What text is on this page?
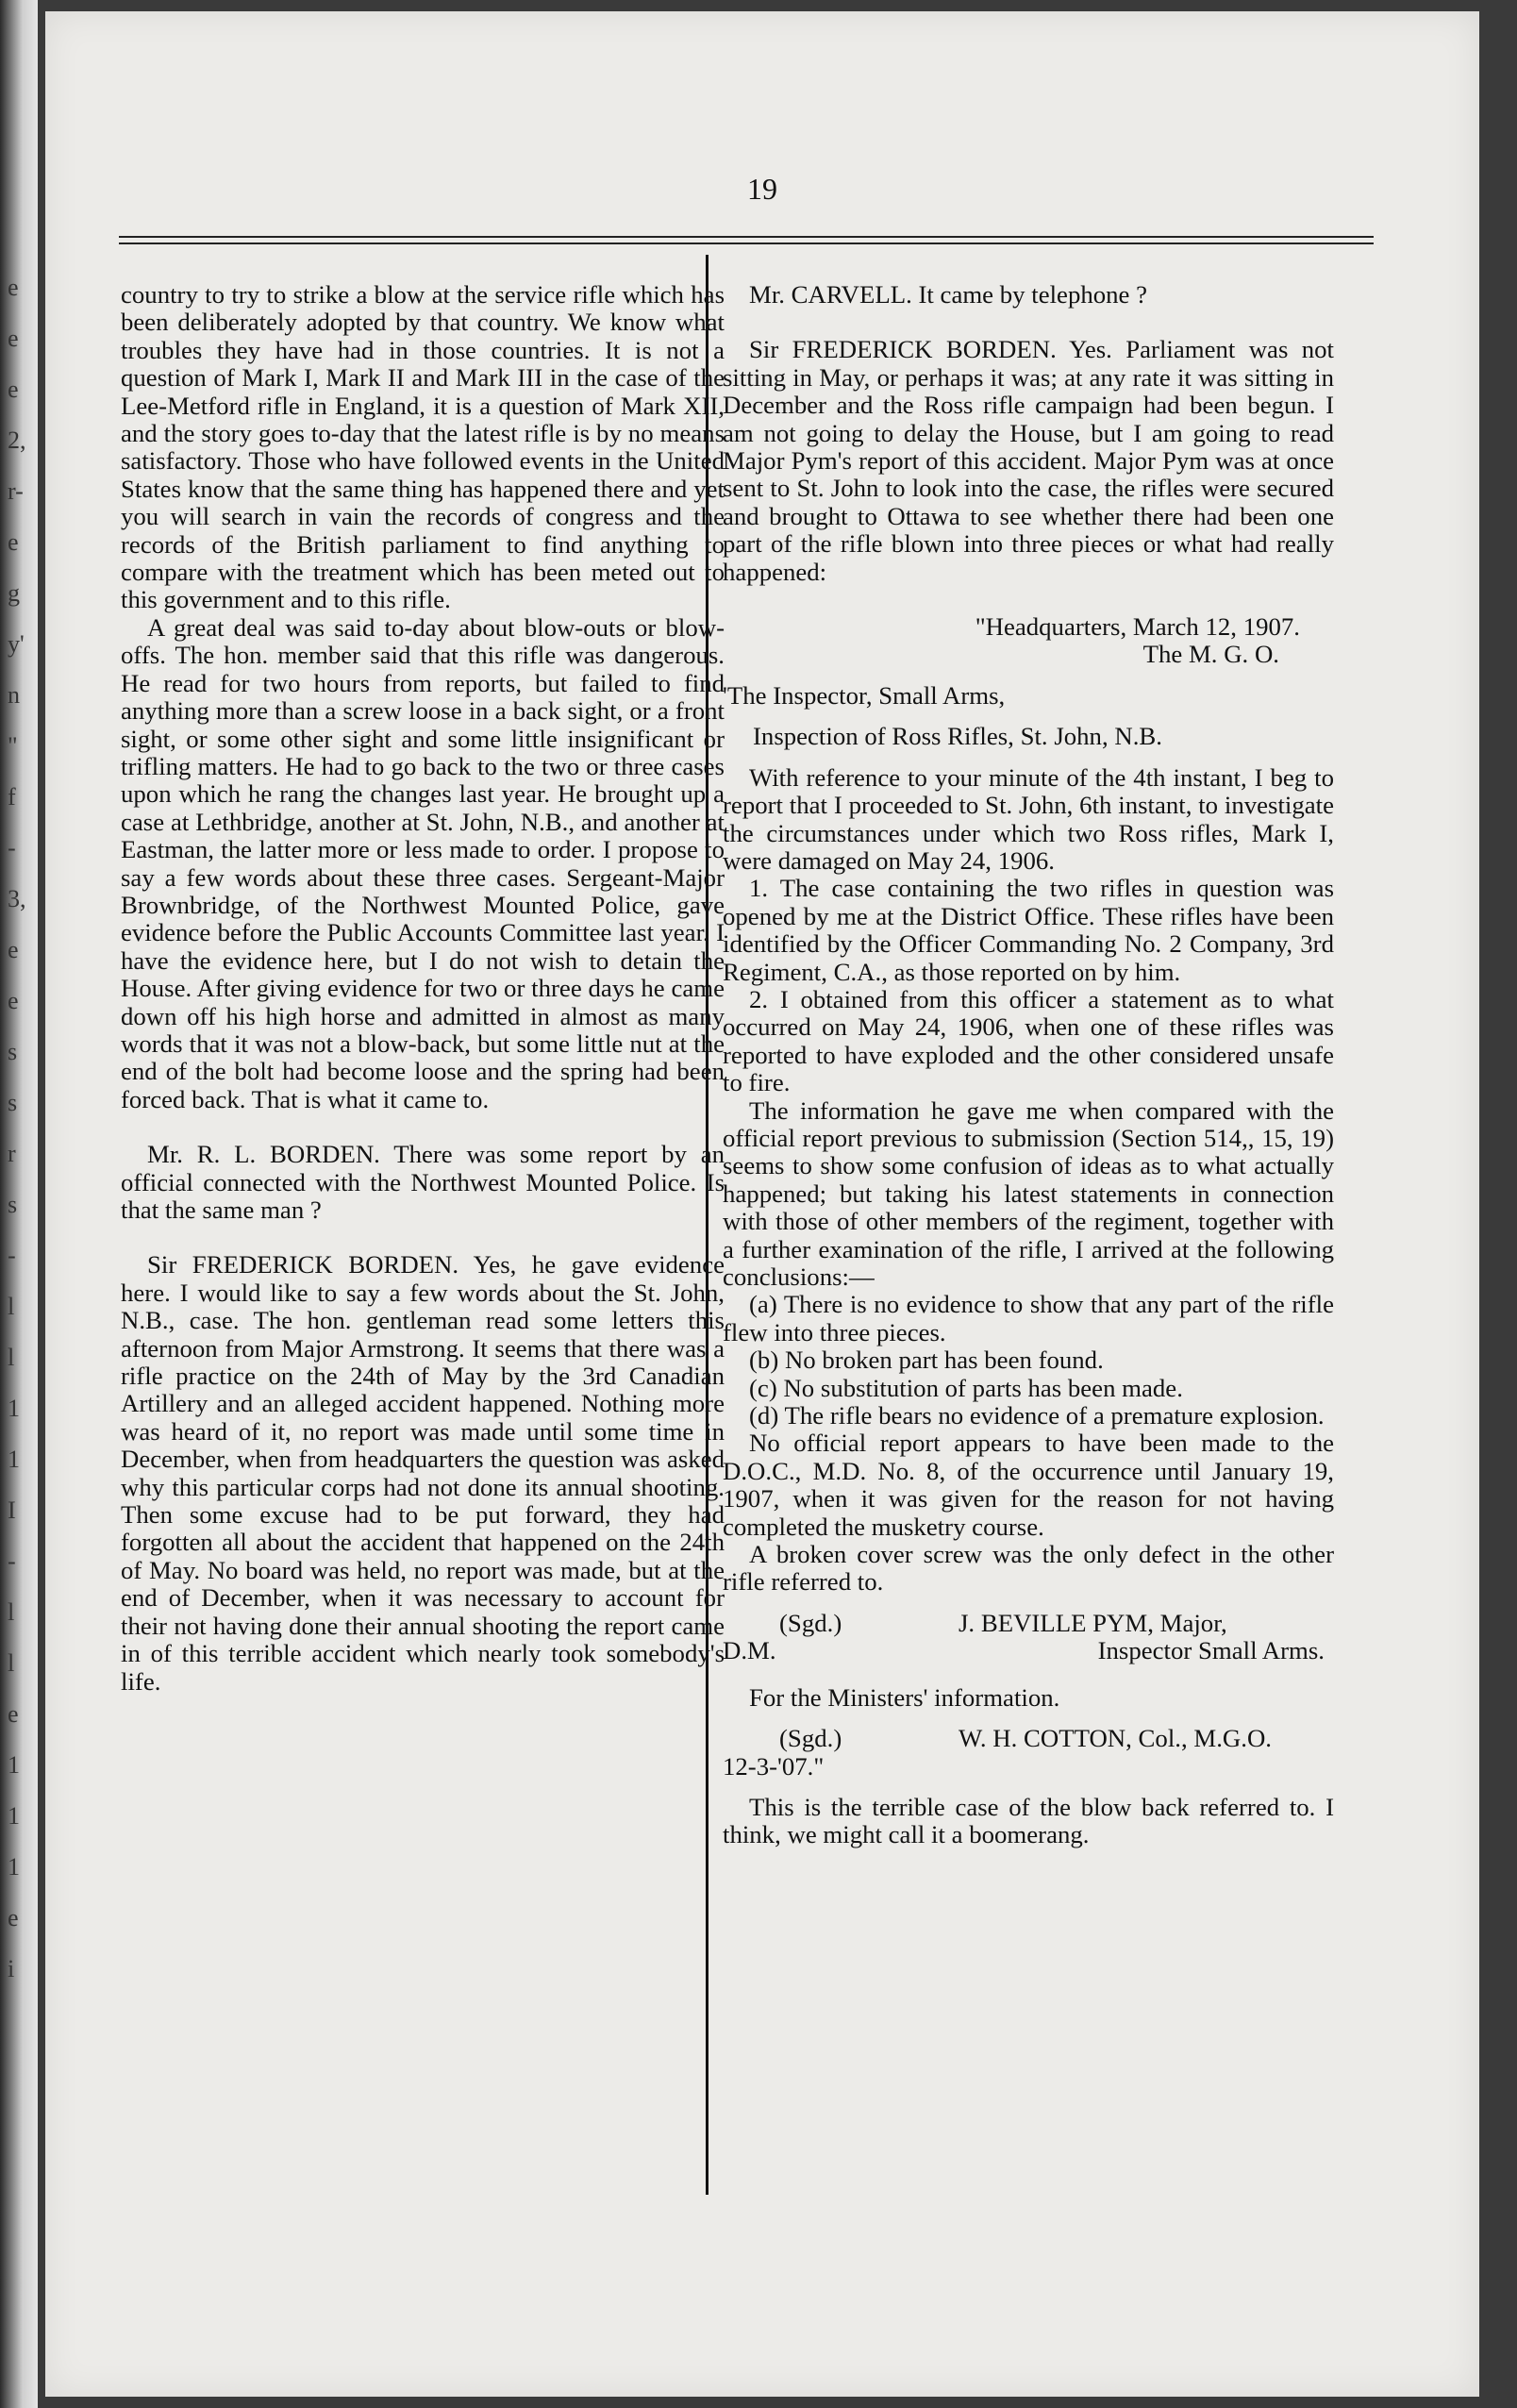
e
e
e
2,
r-
e
g
y'
n
"
f
-
3,
e
e
s
s
r
s
-
l
l
1
1
I
-
l
l
e
1
1
1
e
i
19

country to try to strike a blow at the service rifle which has been deliberately adopted by that country. We know what troubles they have had in those countries. It is not a question of Mark I, Mark II and Mark III in the case of the Lee-Metford rifle in England, it is a question of Mark XII, and the story goes to-day that the latest rifle is by no means satisfactory. Those who have followed events in the United States know that the same thing has happened there and yet you will search in vain the records of congress and the records of the British parliament to find anything to compare with the treatment which has been meted out to this government and to this rifle.

A great deal was said to-day about blow-outs or blow-offs. The hon. member said that this rifle was dangerous. He read for two hours from reports, but failed to find anything more than a screw loose in a back sight, or a front sight, or some other sight and some little insignificant or trifling matters. He had to go back to the two or three cases upon which he rang the changes last year. He brought up a case at Lethbridge, another at St. John, N.B., and another at Eastman, the latter more or less made to order. I propose to say a few words about these three cases. Sergeant-Major Brownbridge, of the Northwest Mounted Police, gave evidence before the Public Accounts Committee last year. I have the evidence here, but I do not wish to detain the House. After giving evidence for two or three days he came down off his high horse and admitted in almost as many words that it was not a blow-back, but some little nut at the end of the bolt had become loose and the spring had been forced back. That is what it came to.

Mr. R. L. BORDEN. There was some report by an official connected with the Northwest Mounted Police. Is that the same man ?

Sir FREDERICK BORDEN. Yes, he gave evidence here. I would like to say a few words about the St. John, N.B., case. The hon. gentleman read some letters this afternoon from Major Armstrong. It seems that there was a rifle practice on the 24th of May by the 3rd Canadian Artillery and an alleged accident happened. Nothing more was heard of it, no report was made until some time in December, when from headquarters the question was asked why this particular corps had not done its annual shooting. Then some excuse had to be put forward, they had forgotten all about the accident that happened on the 24th of May. No board was held, no report was made, but at the end of December, when it was necessary to account for their not having done their annual shooting the report came in of this terrible accident which nearly took somebody's life.

Mr. CARVELL. It came by telephone ?

Sir FREDERICK BORDEN. Yes. Parliament was not sitting in May, or perhaps it was; at any rate it was sitting in December and the Ross rifle campaign had been begun. I am not going to delay the House, but I am going to read Major Pym's report of this accident. Major Pym was at once sent to St. John to look into the case, the rifles were secured and brought to Ottawa to see whether there had been one part of the rifle blown into three pieces or what had really happened:

"Headquarters, March 12, 1907.

The M. G. O.

'The Inspector, Small Arms,

Inspection of Ross Rifles, St. John, N.B.

With reference to your minute of the 4th instant, I beg to report that I proceeded to St. John, 6th instant, to investigate the circumstances under which two Ross rifles, Mark I, were damaged on May 24, 1906.

1. The case containing the two rifles in question was opened by me at the District Office. These rifles have been identified by the Officer Commanding No. 2 Company, 3rd Regiment, C.A., as those reported on by him.

2. I obtained from this officer a statement as to what occurred on May 24, 1906, when one of these rifles was reported to have exploded and the other considered unsafe to fire.

The information he gave me when compared with the official report previous to submission (Section 514,, 15, 19) seems to show some confusion of ideas as to what actually happened; but taking his latest statements in connection with those of other members of the regiment, together with a further examination of the rifle, I arrived at the following conclusions:—

(a) There is no evidence to show that any part of the rifle flew into three pieces.

(b) No broken part has been found.

(c) No substitution of parts has been made.

(d) The rifle bears no evidence of a premature explosion.

No official report appears to have been made to the D.O.C., M.D. No. 8, of the occurrence until January 19, 1907, when it was given for the reason for not having completed the musketry course.

A broken cover screw was the only defect in the other rifle referred to.

(Sgd.)	J. BEVILLE PYM, Major,
D.M.	Inspector Small Arms.

For the Ministers' information.

(Sgd.)	W. H. COTTON, Col., M.G.O.
12-3-'07."

This is the terrible case of the blow back referred to. I think, we might call it a boomerang.
